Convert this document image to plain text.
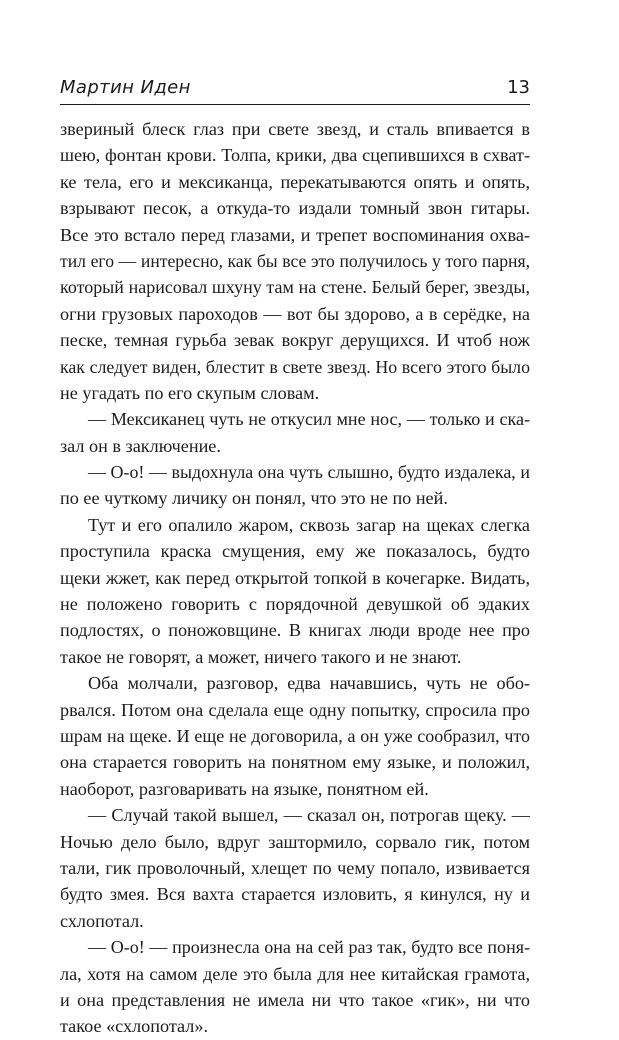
Мартин Иден	13
звериный блеск глаз при свете звезд, и сталь впивается в
шею, фонтан крови. Толпа, крики, два сцепившихся в схват-
ке тела, его и мексиканца, перекатываются опять и опять,
взрывают песок, а откуда-то издали томный звон гитары.
Все это встало перед глазами, и трепет воспоминания охва-
тил его — интересно, как бы все это получилось у того парня,
который нарисовал шхуну там на стене. Белый берег, звезды,
огни грузовых пароходов — вот бы здорово, а в серёдке, на
песке, темная гурьба зевак вокруг дерущихся. И чтоб нож
как следует виден, блестит в свете звезд. Но всего этого было
не угадать по его скупым словам.
— Мексиканец чуть не откусил мне нос, — только и ска-
зал он в заключение.
— О-о! — выдохнула она чуть слышно, будто издалека, и
по ее чуткому личику он понял, что это не по ней.
Тут и его опалило жаром, сквозь загар на щеках слегка
проступила краска смущения, ему же показалось, будто
щеки жжет, как перед открытой топкой в кочегарке. Видать,
не положено говорить с порядочной девушкой об эдаких
подлостях, о поножовщине. В книгах люди вроде нее про
такое не говорят, а может, ничего такого и не знают.
Оба молчали, разговор, едва начавшись, чуть не обо-
рвался. Потом она сделала еще одну попытку, спросила про
шрам на щеке. И еще не договорила, а он уже сообразил, что
она старается говорить на понятном ему языке, и положил,
наоборот, разговаривать на языке, понятном ей.
— Случай такой вышел, — сказал он, потрогав щеку. —
Ночью дело было, вдруг заштормило, сорвало гик, потом
тали, гик проволочный, хлещет по чему попало, извивается
будто змея. Вся вахта старается изловить, я кинулся, ну и
схлопотал.
— О-о! — произнесла она на сей раз так, будто все поня-
ла, хотя на самом деле это была для нее китайская грамота,
и она представления не имела ни что такое «гик», ни что
такое «схлопотал».
